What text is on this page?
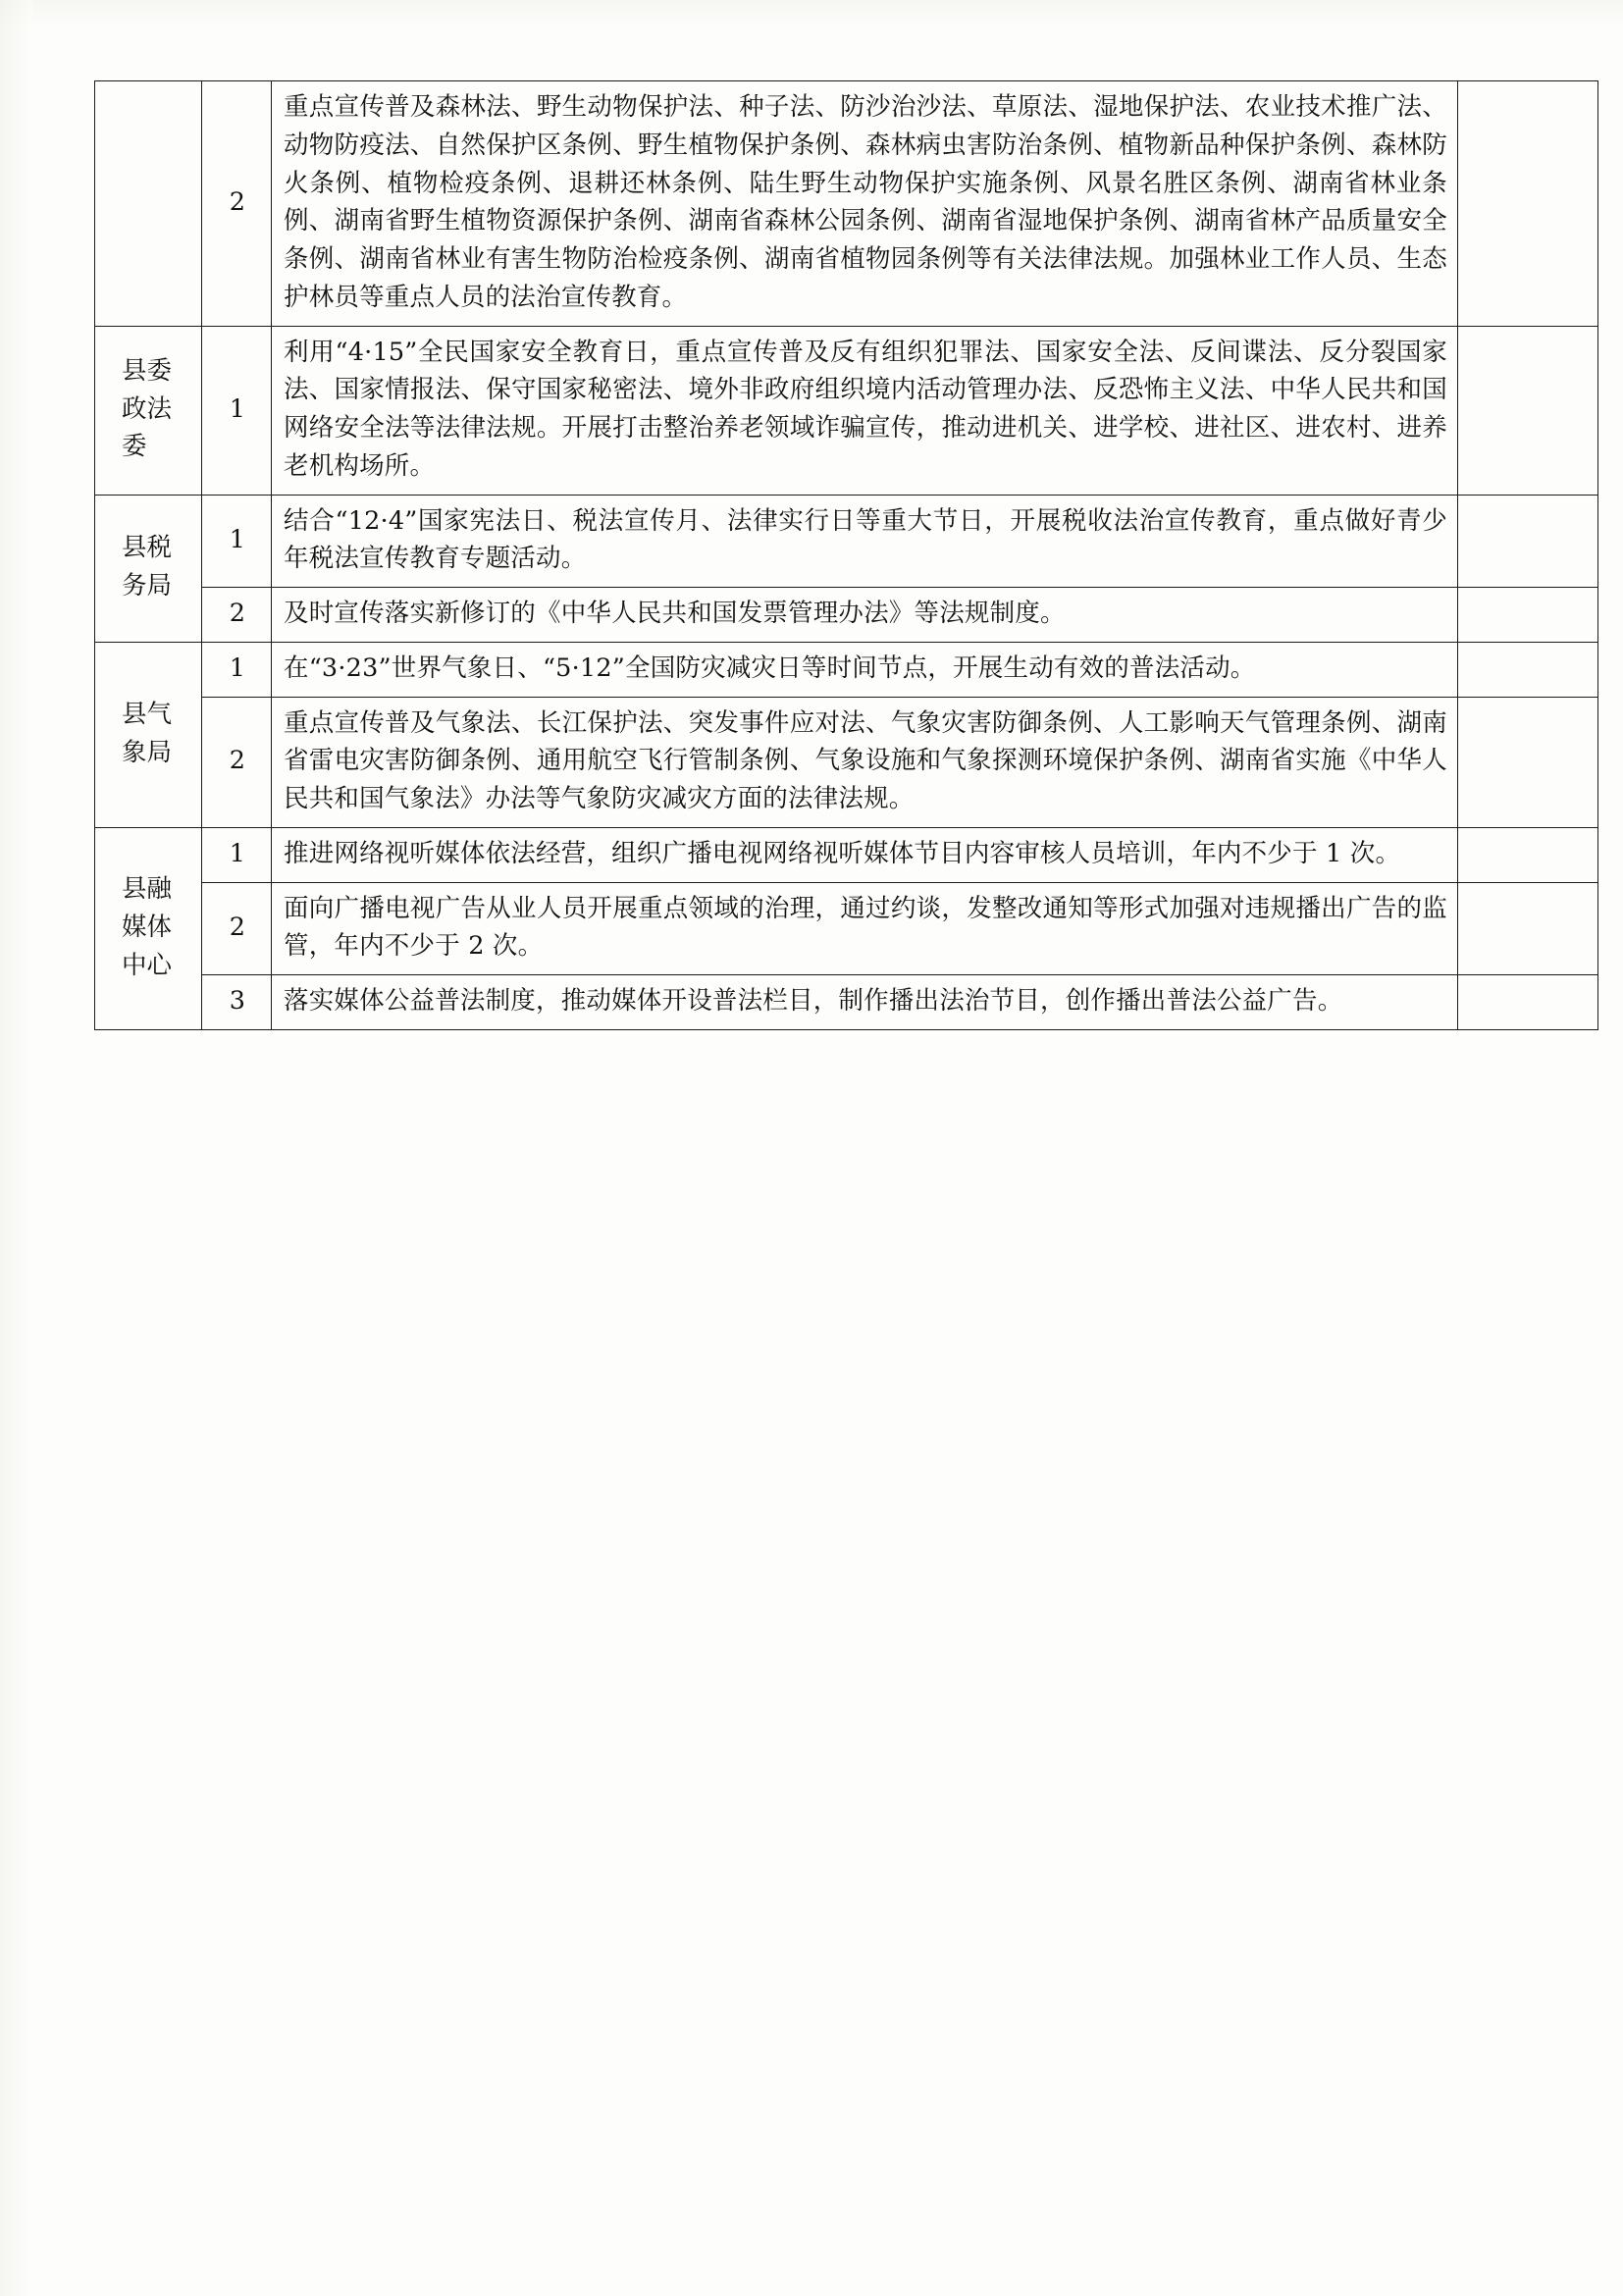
	2	重点宣传普及森林法、野生动物保护法、种子法、防沙治沙法、草原法、湿地保护法、农业技术推广法、动物防疫法、自然保护区条例、野生植物保护条例、森林病虫害防治条例、植物新品种保护条例、森林防火条例、植物检疫条例、退耕还林条例、陆生野生动物保护实施条例、风景名胜区条例、湖南省林业条例、湖南省野生植物资源保护条例、湖南省森林公园条例、湖南省湿地保护条例、湖南省林产品质量安全条例、湖南省林业有害生物防治检疫条例、湖南省植物园条例等有关法律法规。加强林业工作人员、生态护林员等重点人员的法治宣传教育。	

县委政法委	1	利用“4·15”全民国家安全教育日，重点宣传普及反有组织犯罪法、国家安全法、反间谍法、反分裂国家法、国家情报法、保守国家秘密法、境外非政府组织境内活动管理办法、反恐怖主义法、中华人民共和国网络安全法等法律法规。开展打击整治养老领域诈骗宣传，推动进机关、进学校、进社区、进农村、进养老机构场所。	

县税务局	1	结合“12·4”国家宪法日、税法宣传月、法律实行日等重大节日，开展税收法治宣传教育，重点做好青少年税法宣传教育专题活动。	

	2	及时宣传落实新修订的《中华人民共和国发票管理办法》等法规制度。	

县气象局	1	在“3·23”世界气象日、“5·12”全国防灾减灾日等时间节点，开展生动有效的普法活动。	

	2	重点宣传普及气象法、长江保护法、突发事件应对法、气象灾害防御条例、人工影响天气管理条例、湖南省雷电灾害防御条例、通用航空飞行管制条例、气象设施和气象探测环境保护条例、湖南省实施《中华人民共和国气象法》办法等气象防灾减灾方面的法律法规。	

县融媒体中心	1	推进网络视听媒体依法经营，组织广播电视网络视听媒体节目内容审核人员培训，年内不少于 1 次。	

	2	面向广播电视广告从业人员开展重点领域的治理，通过约谈，发整改通知等形式加强对违规播出广告的监管，年内不少于 2 次。	

	3	落实媒体公益普法制度，推动媒体开设普法栏目，制作播出法治节目，创作播出普法公益广告。	
